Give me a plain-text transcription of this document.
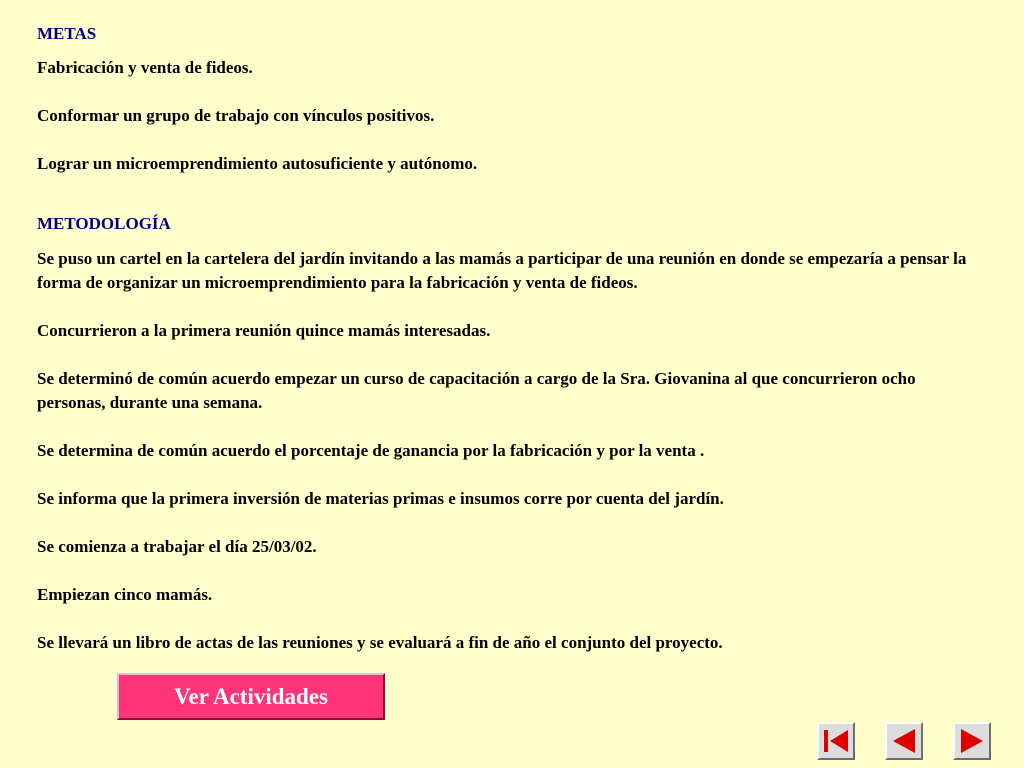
METAS

Fabricación y venta de fideos.

Conformar un grupo de trabajo con vínculos positivos.

Lograr un microemprendimiento autosuficiente y autónomo.

METODOLOGÍA

Se puso un cartel en la cartelera del jardín invitando a las mamás a participar de una reunión en donde se empezaría a pensar la forma de organizar un microemprendimiento para la fabricación y venta de fideos.

Concurrieron a la primera reunión quince mamás interesadas.

Se determinó de común acuerdo empezar un curso de capacitación a cargo de la Sra. Giovanina al que concurrieron ocho personas, durante una semana.

Se determina de común acuerdo el porcentaje de ganancia por la fabricación y por la venta .

Se informa que la primera inversión de materias primas e insumos corre por cuenta del jardín.

Se comienza a trabajar el día 25/03/02.

Empiezan cinco mamás.

Se llevará un libro de actas de las reuniones y se evaluará a fin de año el conjunto del proyecto.

Ver Actividades
